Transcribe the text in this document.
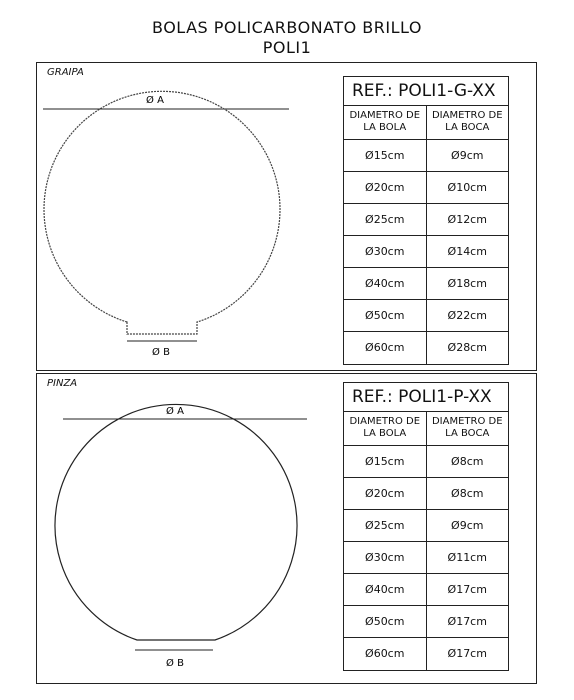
BOLAS POLICARBONATO BRILLO
POLI1
GRAIPA
Ø A
Ø B
REF.: POLI1-G-XX
DIAMETRO DE LA BOLA
DIAMETRO DE LA BOCA
Ø15cm	Ø9cm
Ø20cm	Ø10cm
Ø25cm	Ø12cm
Ø30cm	Ø14cm
Ø40cm	Ø18cm
Ø50cm	Ø22cm
Ø60cm	Ø28cm
PINZA
Ø A
Ø B
REF.: POLI1-P-XX
DIAMETRO DE LA BOLA
DIAMETRO DE LA BOCA
Ø15cm	Ø8cm
Ø20cm	Ø8cm
Ø25cm	Ø9cm
Ø30cm	Ø11cm
Ø40cm	Ø17cm
Ø50cm	Ø17cm
Ø60cm	Ø17cm
